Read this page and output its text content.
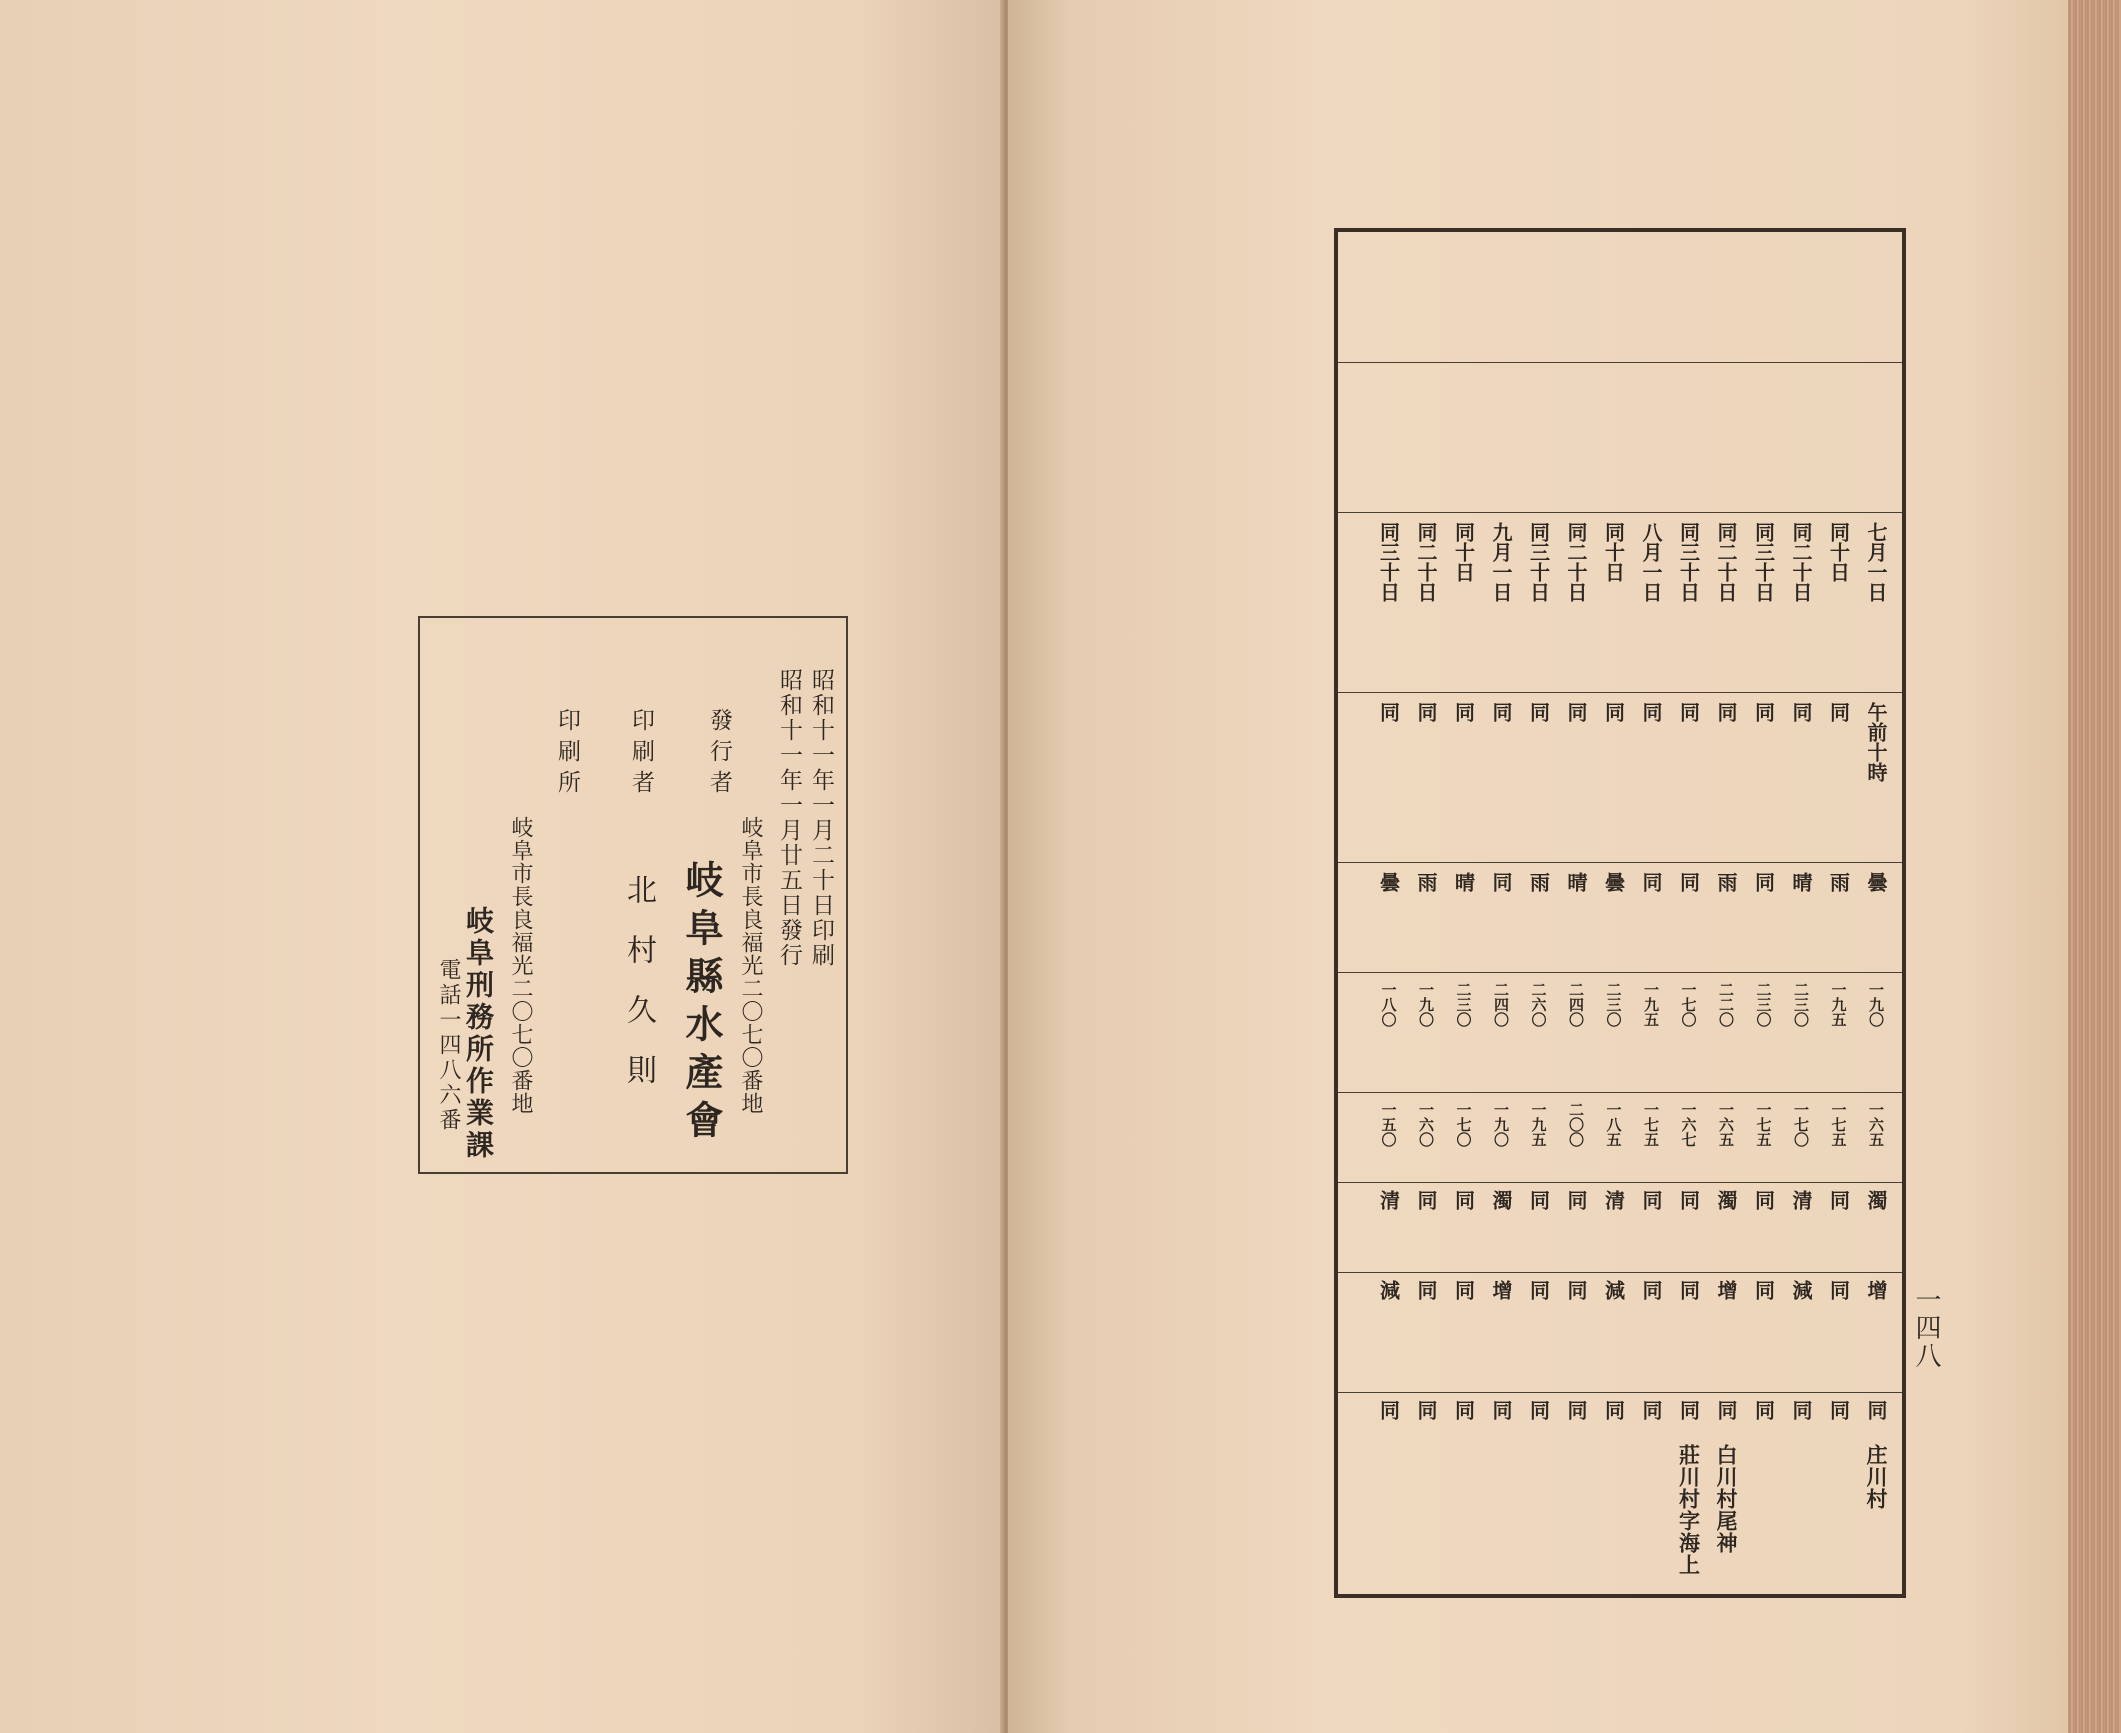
昭和十一年一月二十日印刷
昭和十一年一月廿五日發行
發行者
岐阜市長良福光二〇七〇番地
岐阜縣水產會
印刷者
北村久則
印刷所
岐阜市長良福光二〇七〇番地
岐阜刑務所作業課
電話一四八六番
七月一日
午前十時
曇
一九〇
一六五
濁
增
同
庄川村
同十日
同
雨
一九五
一七五
同
同
同
同二十日
同
晴
二三〇
一七〇
清
減
同
同三十日
同
同
二三〇
一七五
同
同
同
同二十日
同
雨
二二〇
一六五
濁
增
同
白川村尾神
同三十日
同
同
一七〇
一六七
同
同
同
莊川村字海上
八月一日
同
同
一九五
一七五
同
同
同
同十日
同
曇
二三〇
一八五
清
減
同
同二十日
同
晴
二四〇
二〇〇
同
同
同
同三十日
同
雨
二六〇
一九五
同
同
同
九月一日
同
同
二四〇
一九〇
濁
增
同
同十日
同
晴
二三〇
一七〇
同
同
同
同二十日
同
雨
一九〇
一六〇
同
同
同
同三十日
同
曇
一八〇
一五〇
清
減
同
一四八
